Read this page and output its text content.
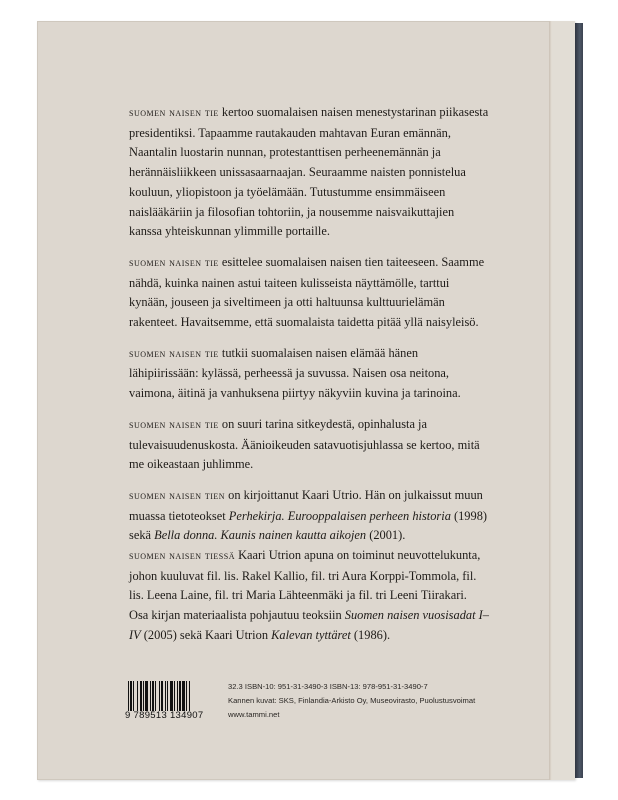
suomen naisen tie kertoo suomalaisen naisen menestystarinan piikasesta presidentiksi. Tapaamme rautakauden mahtavan Euran emännän, Naantalin luostarin nunnan, protestanttisen perheenemännän ja herännäisliikkeen unissasaarnaajan. Seuraamme naisten ponnistelua kouluun, yliopistoon ja työelämään. Tutustumme ensimmäiseen naislääkäriin ja filosofian tohtoriin, ja nousemme naisvaikuttajien kanssa yhteiskunnan ylimmille portaille.

suomen naisen tie esittelee suomalaisen naisen tien taiteeseen. Saamme nähdä, kuinka nainen astui taiteen kulisseista näyttämölle, tarttui kynään, jouseen ja siveltimeen ja otti haltuunsa kulttuurielämän rakenteet. Havaitsemme, että suomalaista taidetta pitää yllä naisyleisö.

suomen naisen tie tutkii suomalaisen naisen elämää hänen lähipiirissään: kylässä, perheessä ja suvussa. Naisen osa neitona, vaimona, äitinä ja vanhuksena piirtyy näkyviin kuvina ja tarinoina.

suomen naisen tie on suuri tarina sitkeydestä, opinhalusta ja tulevaisuudenuskosta. Äänioikeuden satavuotisjuhlassa se kertoo, mitä me oikeastaan juhlimme.

suomen naisen tien on kirjoittanut Kaari Utrio. Hän on julkaissut muun muassa tietoteokset Perhekirja. Eurooppalaisen perheen historia (1998) sekä Bella donna. Kaunis nainen kautta aikojen (2001).
suomen naisen tiessä Kaari Utrion apuna on toiminut neuvottelukunta, johon kuuluvat fil. lis. Rakel Kallio, fil. tri Aura Korppi-Tommola, fil. lis. Leena Laine, fil. tri Maria Lähteenmäki ja fil. tri Leeni Tiirakari. Osa kirjan materiaalista pohjautuu teoksiin Suomen naisen vuosisadat I–IV (2005) sekä Kaari Utrion Kalevan tyttäret (1986).

9 789513 134907
32.3 ISBN-10: 951-31-3490-3 ISBN-13: 978-951-31-3490-7
Kannen kuvat: SKS, Finlandia-Arkisto Oy, Museovirasto, Puolustusvoimat
www.tammi.net
